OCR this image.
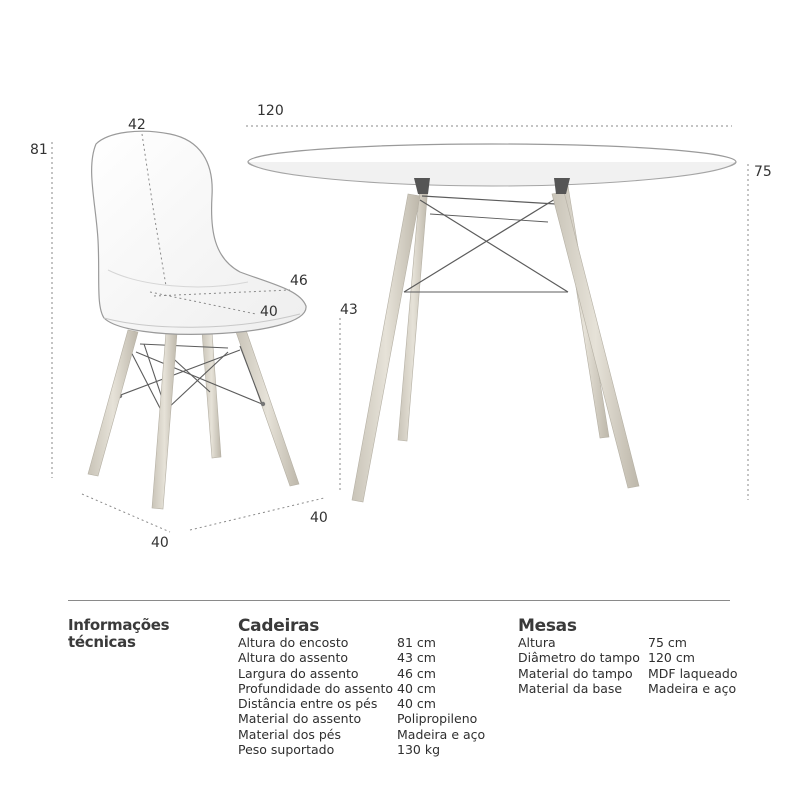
81
42
46
40	43
40
40
120
75
Informações técnicas
Cadeiras
Altura do encosto
Altura do assento
Largura do assento
Profundidade do assento
Distância entre os pés
Material do assento
Material dos pés
Peso suportado
81 cm
43 cm
46 cm
40 cm
40 cm
Polipropileno
Madeira e aço
130 kg
Mesas
Altura
Diâmetro do tampo
Material do tampo
Material da base
75 cm
120 cm
MDF laqueado
Madeira e aço
